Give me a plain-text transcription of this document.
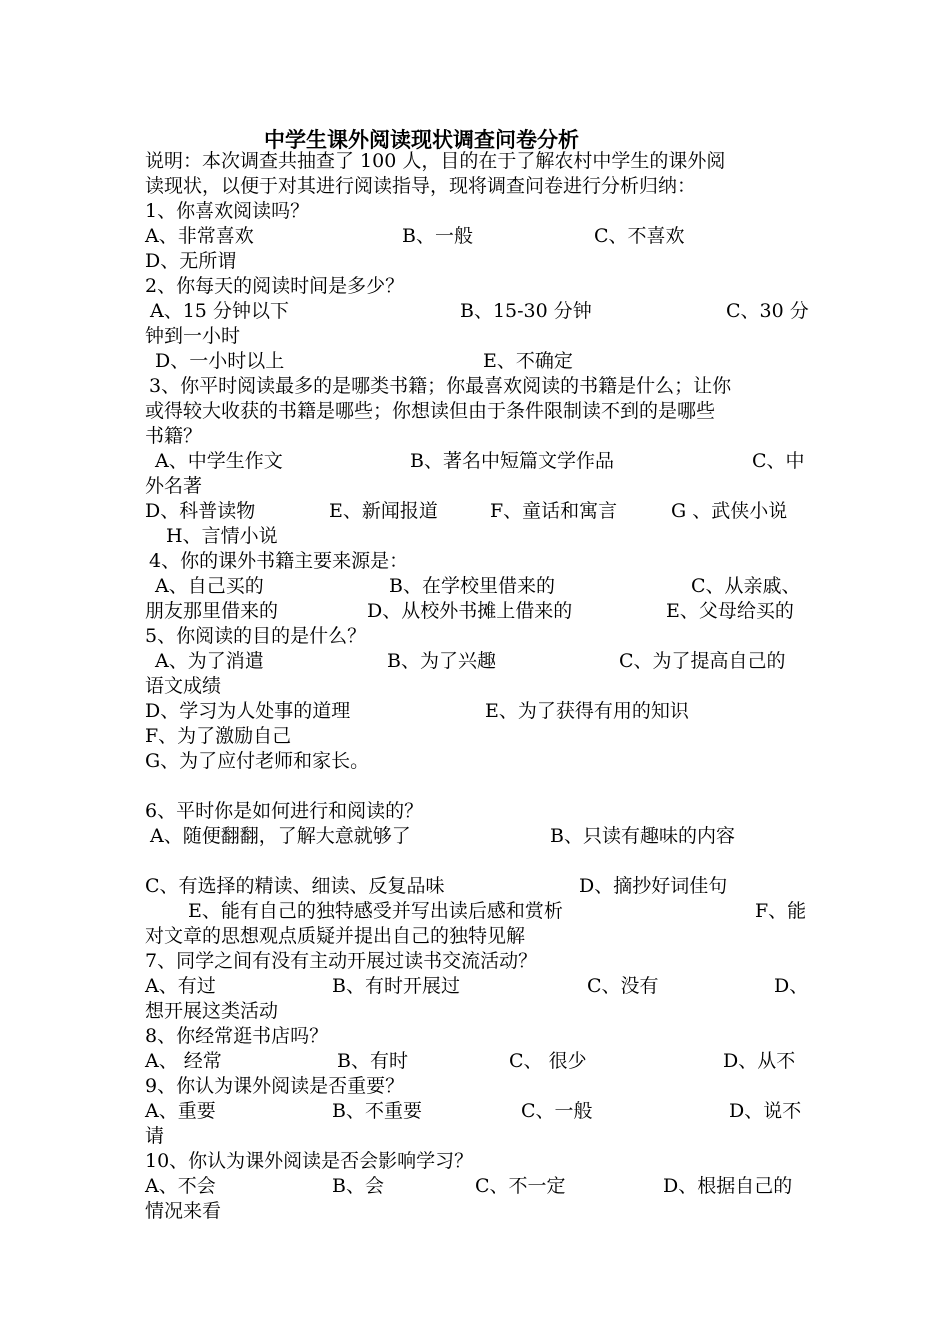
中学生课外阅读现状调查问卷分析
说明：本次调查共抽查了 100 人，目的在于了解农村中学生的课外阅
读现状，以便于对其进行阅读指导，现将调查问卷进行分析归纳：
1、你喜欢阅读吗？
A、非常喜欢	B、一般	C、不喜欢
D、无所谓
2、你每天的阅读时间是多少？
A、15 分钟以下	B、15-30 分钟	C、30 分
钟到一小时
D、一小时以上	E、不确定
3、你平时阅读最多的是哪类书籍；你最喜欢阅读的书籍是什么；让你
或得较大收获的书籍是哪些；你想读但由于条件限制读不到的是哪些
书籍？
A、中学生作文	B、著名中短篇文学作品	C、中
外名著
D、科普读物	E、新闻报道	F、童话和寓言	G 、武侠小说
H、言情小说
4、你的课外书籍主要来源是：
A、自己买的	B、在学校里借来的	C、从亲戚、
朋友那里借来的	D、从校外书摊上借来的	E、父母给买的
5、你阅读的目的是什么？
A、为了消遣	B、为了兴趣	C、为了提高自己的
语文成绩
D、学习为人处事的道理	E、为了获得有用的知识
F、为了激励自己
G、为了应付老师和家长。
6、平时你是如何进行和阅读的？
A、随便翻翻，了解大意就够了	B、只读有趣味的内容
C、有选择的精读、细读、反复品味	D、摘抄好词佳句
E、能有自己的独特感受并写出读后感和赏析	F、能
对文章的思想观点质疑并提出自己的独特见解
7、同学之间有没有主动开展过读书交流活动？
A、有过	B、有时开展过	C、没有	D、
想开展这类活动
8、你经常逛书店吗？
A、 经常	B、有时	C、 很少	D、从不
9、你认为课外阅读是否重要？
A、重要	B、不重要	C、一般	D、说不
请
10、你认为课外阅读是否会影响学习？
A、不会	B、会	C、不一定	D、根据自己的
情况来看
